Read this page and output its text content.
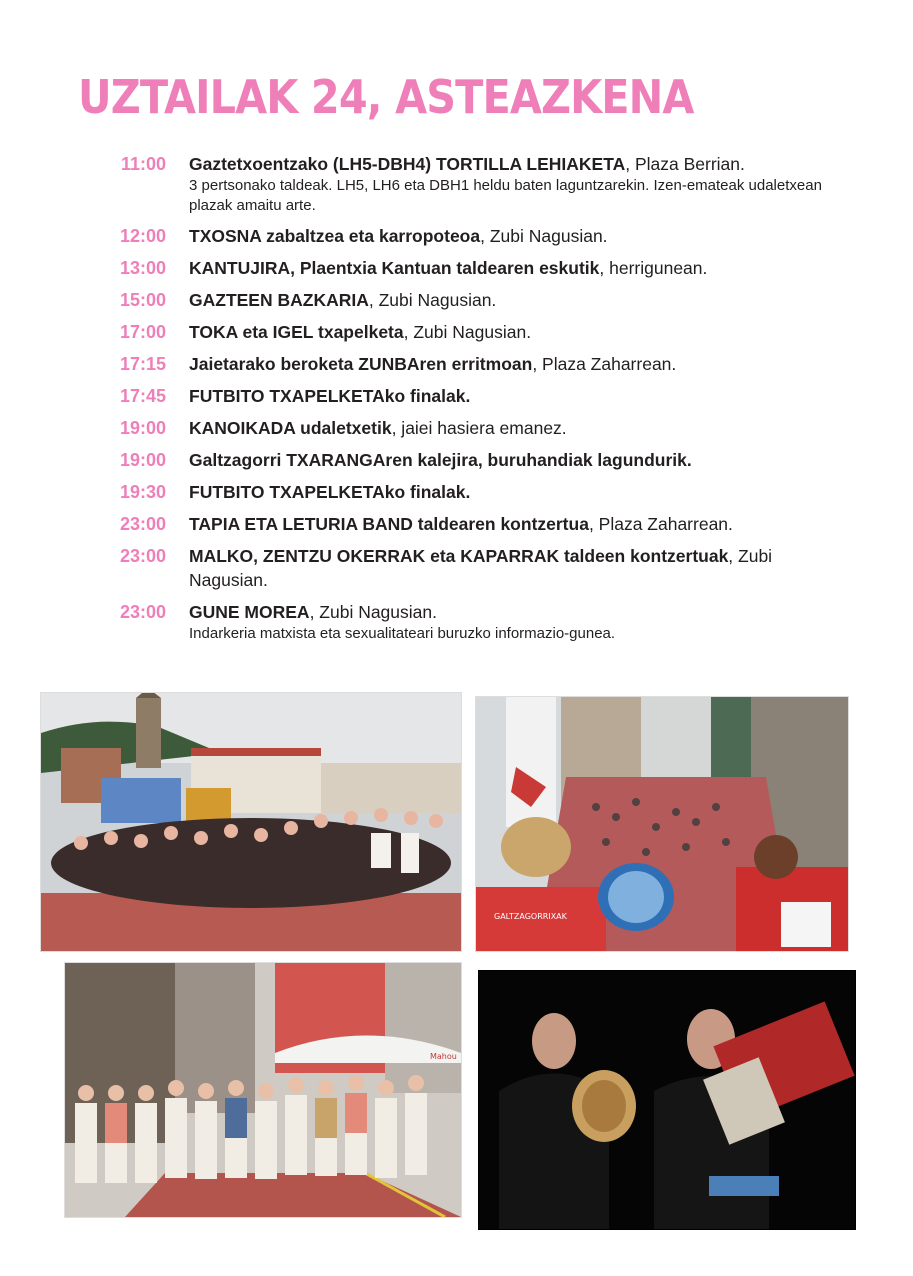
UZTAILAK 24, ASTEAZKENA
11:00 Gaztetxoentzako (LH5-DBH4) TORTILLA LEHIAKETA, Plaza Berrian.
3 pertsonako taldeak. LH5, LH6 eta DBH1 heldu baten laguntzarekin. Izen-emateak udaletxean plazak amaitu arte.
12:00 TXOSNA zabaltzea eta karropoteoa, Zubi Nagusian.
13:00 KANTUJIRA, Plaentxia Kantuan taldearen eskutik, herrigunean.
15:00 GAZTEEN BAZKARIA, Zubi Nagusian.
17:00 TOKA eta IGEL txapelketa, Zubi Nagusian.
17:15 Jaietarako beroketa ZUNBAren erritmoan, Plaza Zaharrean.
17:45 FUTBITO TXAPELKETAko finalak.
19:00 KANOIKADA udaletxetik, jaiei hasiera emanez.
19:00 Galtzagorri TXARANGAren kalejira, buruhandiak lagundurik.
19:30 FUTBITO TXAPELKETAko finalak.
23:00 TAPIA ETA LETURIA BAND taldearen kontzertua, Plaza Zaharrean.
23:00 MALKO, ZENTZU OKERRAK eta KAPARRAK taldeen kontzertuak, Zubi Nagusian.
23:00 GUNE MOREA, Zubi Nagusian.
Indarkeria matxista eta sexualitateari buruzko informazio-gunea.
GALTZAGORRIXAK
Mahou
